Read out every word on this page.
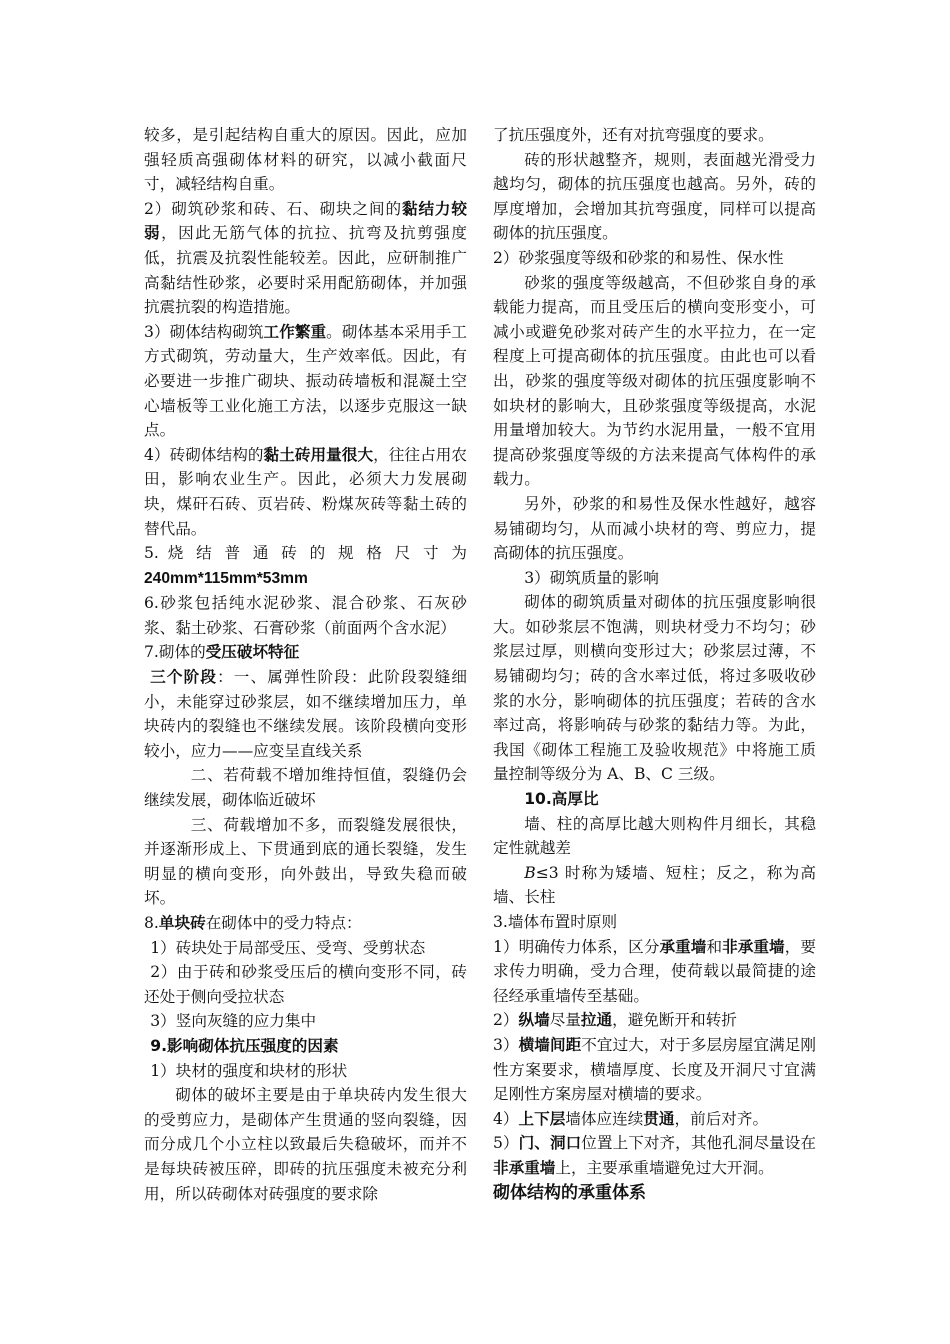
较多，是引起结构自重大的原因。因此，应加强轻质高强砌体材料的研究，以减小截面尺寸，减轻结构自重。

2）砌筑砂浆和砖、石、砌块之间的黏结力较弱，因此无筋气体的抗拉、抗弯及抗剪强度低，抗震及抗裂性能较差。因此，应研制推广高黏结性砂浆，必要时采用配筋砌体，并加强抗震抗裂的构造措施。

3）砌体结构砌筑工作繁重。砌体基本采用手工方式砌筑，劳动量大，生产效率低。因此，有必要进一步推广砌块、振动砖墙板和混凝土空心墙板等工业化施工方法，以逐步克服这一缺点。

4）砖砌体结构的黏土砖用量很大，往往占用农田，影响农业生产。因此，必须大力发展砌块，煤矸石砖、页岩砖、粉煤灰砖等黏土砖的替代品。

5. 烧 结 普 通 砖 的 规 格 尺 寸 为

240mm*115mm*53mm

6.砂浆包括纯水泥砂浆、混合砂浆、石灰砂浆、黏土砂浆、石膏砂浆（前面两个含水泥）

7.砌体的受压破坏特征

三个阶段：一、属弹性阶段：此阶段裂缝细小，未能穿过砂浆层，如不继续增加压力，单块砖内的裂缝也不继续发展。该阶段横向变形较小，应力——应变呈直线关系

二、若荷载不增加维持恒值，裂缝仍会继续发展，砌体临近破坏

三、荷载增加不多，而裂缝发展很快，并逐渐形成上、下贯通到底的通长裂缝，发生明显的横向变形，向外鼓出，导致失稳而破坏。

8.单块砖在砌体中的受力特点：

1）砖块处于局部受压、受弯、受剪状态

2）由于砖和砂浆受压后的横向变形不同，砖还处于侧向受拉状态

3）竖向灰缝的应力集中

9.影响砌体抗压强度的因素

1）块材的强度和块材的形状

砌体的破坏主要是由于单块砖内发生很大的受剪应力，是砌体产生贯通的竖向裂缝，因而分成几个小立柱以致最后失稳破坏，而并不是每块砖被压碎，即砖的抗压强度未被充分利用，所以砖砌体对砖强度的要求除

了抗压强度外，还有对抗弯强度的要求。

砖的形状越整齐，规则，表面越光滑受力越均匀，砌体的抗压强度也越高。另外，砖的厚度增加，会增加其抗弯强度，同样可以提高砌体的抗压强度。

2）砂浆强度等级和砂浆的和易性、保水性

砂浆的强度等级越高，不但砂浆自身的承载能力提高，而且受压后的横向变形变小，可减小或避免砂浆对砖产生的水平拉力，在一定程度上可提高砌体的抗压强度。由此也可以看出，砂浆的强度等级对砌体的抗压强度影响不如块材的影响大，且砂浆强度等级提高，水泥用量增加较大。为节约水泥用量，一般不宜用提高砂浆强度等级的方法来提高气体构件的承载力。

另外，砂浆的和易性及保水性越好，越容易铺砌均匀，从而减小块材的弯、剪应力，提高砌体的抗压强度。

3）砌筑质量的影响

砌体的砌筑质量对砌体的抗压强度影响很大。如砂浆层不饱满，则块材受力不均匀；砂浆层过厚，则横向变形过大；砂浆层过薄，不易铺砌均匀；砖的含水率过低，将过多吸收砂浆的水分，影响砌体的抗压强度；若砖的含水率过高，将影响砖与砂浆的黏结力等。为此，我国《砌体工程施工及验收规范》中将施工质量控制等级分为 A、B、C 三级。

10.高厚比

墙、柱的高厚比越大则构件月细长，其稳定性就越差

Β≤3 时称为矮墙、短柱；反之，称为高墙、长柱

3.墙体布置时原则

1）明确传力体系，区分承重墙和非承重墙，要求传力明确，受力合理，使荷载以最简捷的途径经承重墙传至基础。

2）纵墙尽量拉通，避免断开和转折

3）横墙间距不宜过大，对于多层房屋宜满足刚性方案要求，横墙厚度、长度及开洞尺寸宜满足刚性方案房屋对横墙的要求。

4）上下层墙体应连续贯通，前后对齐。

5）门、洞口位置上下对齐，其他孔洞尽量设在非承重墙上，主要承重墙避免过大开洞。

砌体结构的承重体系
